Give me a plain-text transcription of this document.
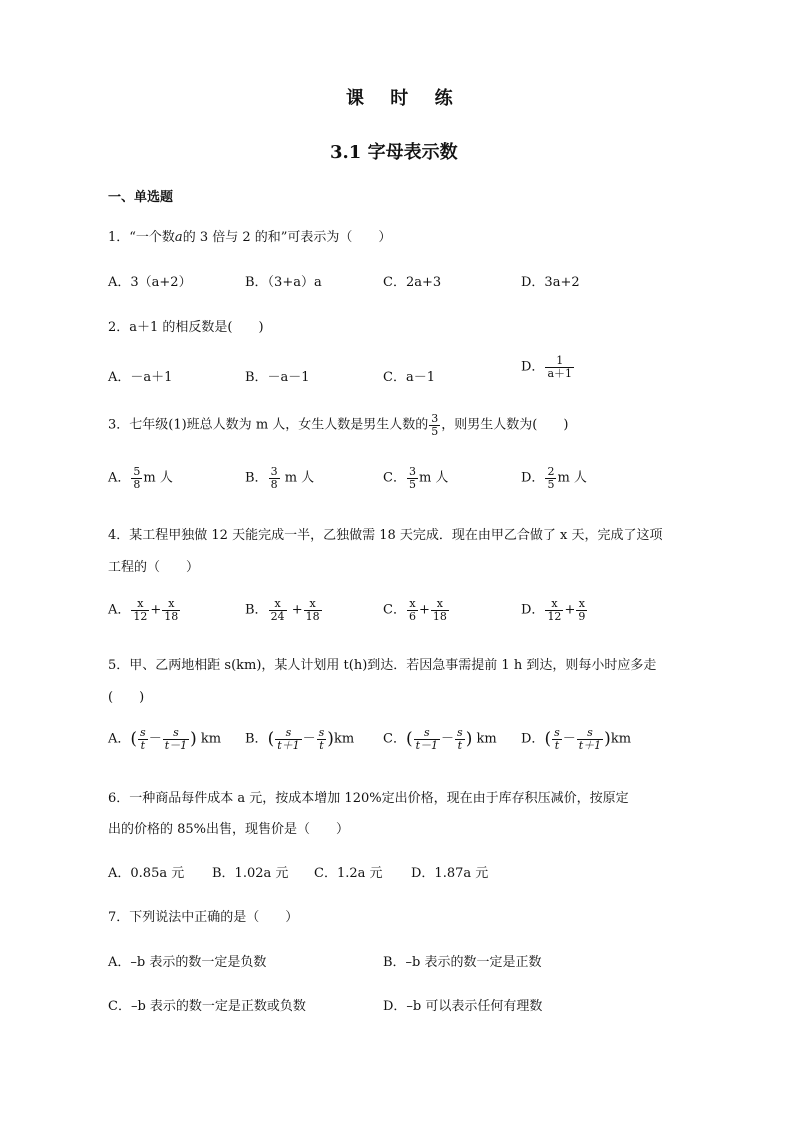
课 时 练
3.1 字母表示数
一、单选题
1．“一个数a的 3 倍与 2 的和”可表示为（　　）
A．3（a+2）	B．（3+a）a	C．2a+3	D．3a+2
2．a＋1 的相反数是(　　)
A．－a＋1	B．－a－1	C．a－1
D． $\frac{1}{a+1}$
3．七年级(1)班总人数为 m 人，女生人数是男生人数的 $\frac{3}{5}$ ，则男生人数为(　　)
A． $\frac{5}{8}$ m 人	B． $\frac{3}{8}$ m 人	C． $\frac{3}{5}$ m 人	D． $\frac{2}{5}$ m 人
4．某工程甲独做 12 天能完成一半，乙独做需 18 天完成．现在由甲乙合做了 x 天，完成了这项
工程的（　　）
A． $\frac{x}{12} + \frac{x}{18}$	B． $\frac{x}{24} + \frac{x}{18}$	C． $\frac{x}{6} + \frac{x}{18}$	D． $\frac{x}{12} + \frac{x}{9}$
5．甲、乙两地相距 s(km)，某人计划用 t(h)到达．若因急事需提前 1 h 到达，则每小时应多走
(　　)
A．( $\frac{s}{t} - \frac{s}{t-1}$ ) km B．( $\frac{s}{t+1} - \frac{s}{t} )km$ C．( $\frac{s}{t-1} - \frac{s}{t}$ ) km D．( $\frac{s}{t} - \frac{s}{t+1} )km$
6．一种商品每件成本 a 元，按成本增加 120%定出价格，现在由于库存积压减价，按原定
出的价格的 85%出售，现售价是（　　）
A．0.85a 元 B．1.02a 元 C．1.2a 元 D．1.87a 元
7．下列说法中正确的是（　　）
A．–b 表示的数一定是负数	B．–b 表示的数一定是正数
C．–b 表示的数一定是正数或负数	D．–b 可以表示任何有理数
